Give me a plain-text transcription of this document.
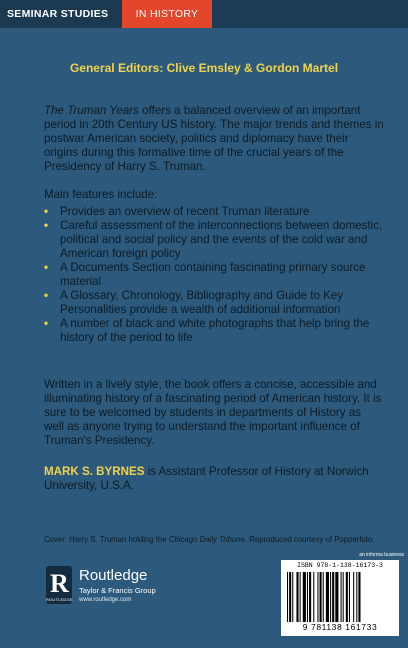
SEMINAR STUDIES	IN HISTORY
General Editors: Clive Emsley & Gordon Martel
The Truman Years offers a balanced overview of an important period in 20th Century US history. The major trends and themes in postwar American society, politics and diplomacy have their origins during this formative time of the crucial years of the Presidency of Harry S. Truman.
Main features include:
• Provides an overview of recent Truman literature
• Careful assessment of the interconnections between domestic, political and social policy and the events of the cold war and American foreign policy
• A Documents Section containing fascinating primary source material
• A Glossary, Chronology, Bibliography and Guide to Key Personalities provide a wealth of additional information
• A number of black and white photographs that help bring the history of the period to life
Written in a lively style, the book offers a concise, accessible and illuminating history of a fascinating period of American history. It is sure to be welcomed by students in departments of History as well as anyone trying to understand the important influence of Truman's Presidency.
MARK S. BYRNES is Assistant Professor of History at Norwich University, U.S.A.
Cover: Harry S. Truman holding the Chicago Daily Tribune. Reproduced courtesy of Popperfoto.
R
ROUTLEDGE
Routledge
Taylor & Francis Group
www.routledge.com
an informa business
ISBN 978-1-138-16173-3
9 781138 161733
